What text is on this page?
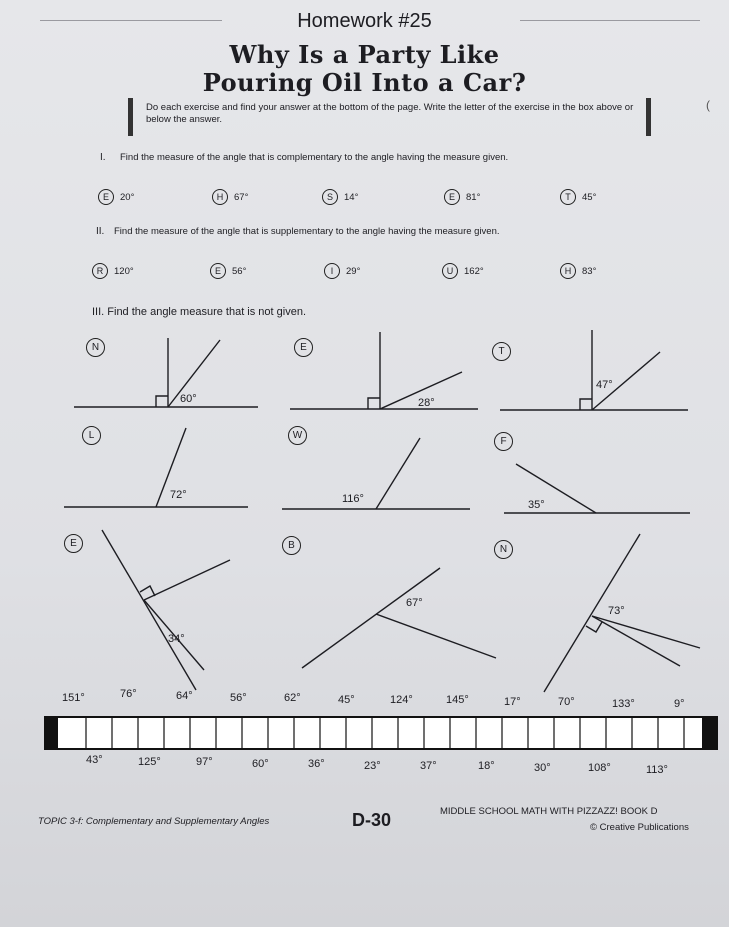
Homework #25
Why Is a Party Like
Pouring Oil Into a Car?
Do each exercise and find your answer at the bottom of the page. Write the letter of the exercise in the box above or below the answer.
(
I. Find the measure of the angle that is complementary to the angle having the measure given.
E	20°	H	67°	S	14°	E	81°	T	45°
II. Find the measure of the angle that is supplementary to the angle having the measure given.
R	120°	E	56°	I	29°	U	162°	H	83°
III. Find the angle measure that is not given.
N	E	T
L	W
F
E	B	N
60°	28°
47°
72°	116°	35°
34°
67°
73°
151°	76°	64°	56°	62°	45°	124°	145°	17°	70°	133°	9°
43°	125°	97°	60°	36°	23°	37°	18°	30°	108°	113°
TOPIC 3-f: Complementary and Supplementary Angles	D-30	MIDDLE SCHOOL MATH WITH PIZZAZZ! BOOK D
© Creative Publications
